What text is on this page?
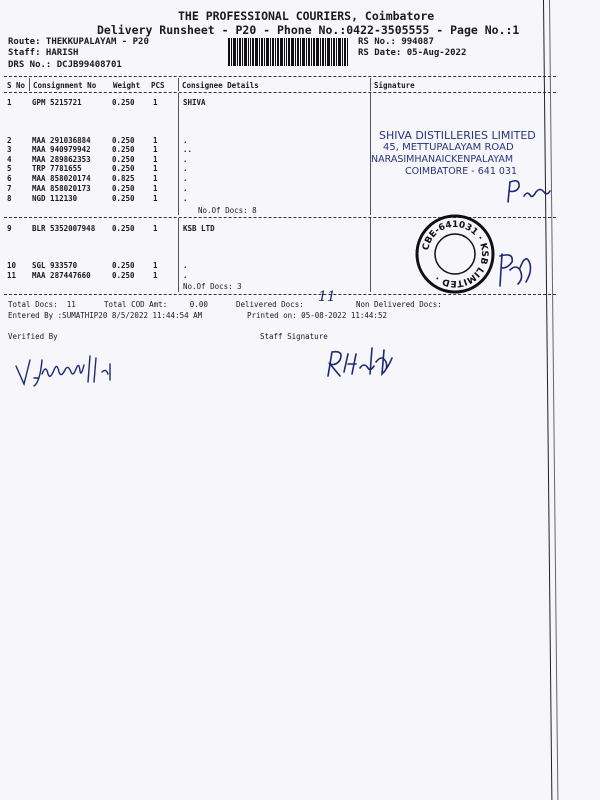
THE PROFESSIONAL COURIERS, Coimbatore
Delivery Runsheet - P20 - Phone No.:0422-3505555 - Page No.:1
Route: THEKKUPALAYAM - P20
Staff: HARISH
DRS No.: DCJB99408701
RS No.: 994087
RS Date: 05-Aug-2022
S No Consignment No Weight PCS Consignee Details	Signature
1	GPM 5215721	0.250 1	SHIVA
2	MAA 291036884	0.250 1	.
3	MAA 940979942	0.250 1	..
4	MAA 289862353	0.250 1	.
5	TRP 7781655	0.250 1	.
6	MAA 858020174	0.825 1	.
7	MAA 858020173	0.250 1	.
8	NGD 112130	0.250 1	.
No.Of Docs: 8
9	BLR 5352007948 0.250 1	KSB LTD
10 SGL 933570	0.250 1	.
11 MAA 287447660	0.250 1	.
No.Of Docs: 3
SHIVA DISTILLERIES LIMITED
45, METTUPALAYAM ROAD
NARASIMHANAICKENPALAYAM
COIMBATORE - 641 031
CBE-641031 · KSB LIMITED ·
Total Docs:  11	Total COD Amt:     0.00	Delivered Docs: 11	Non Delivered Docs:
Entered By :SUMATHIP20 8/5/2022 11:44:54 AM	Printed on: 05-08-2022 11:44:52
Verified By	Staff Signature
